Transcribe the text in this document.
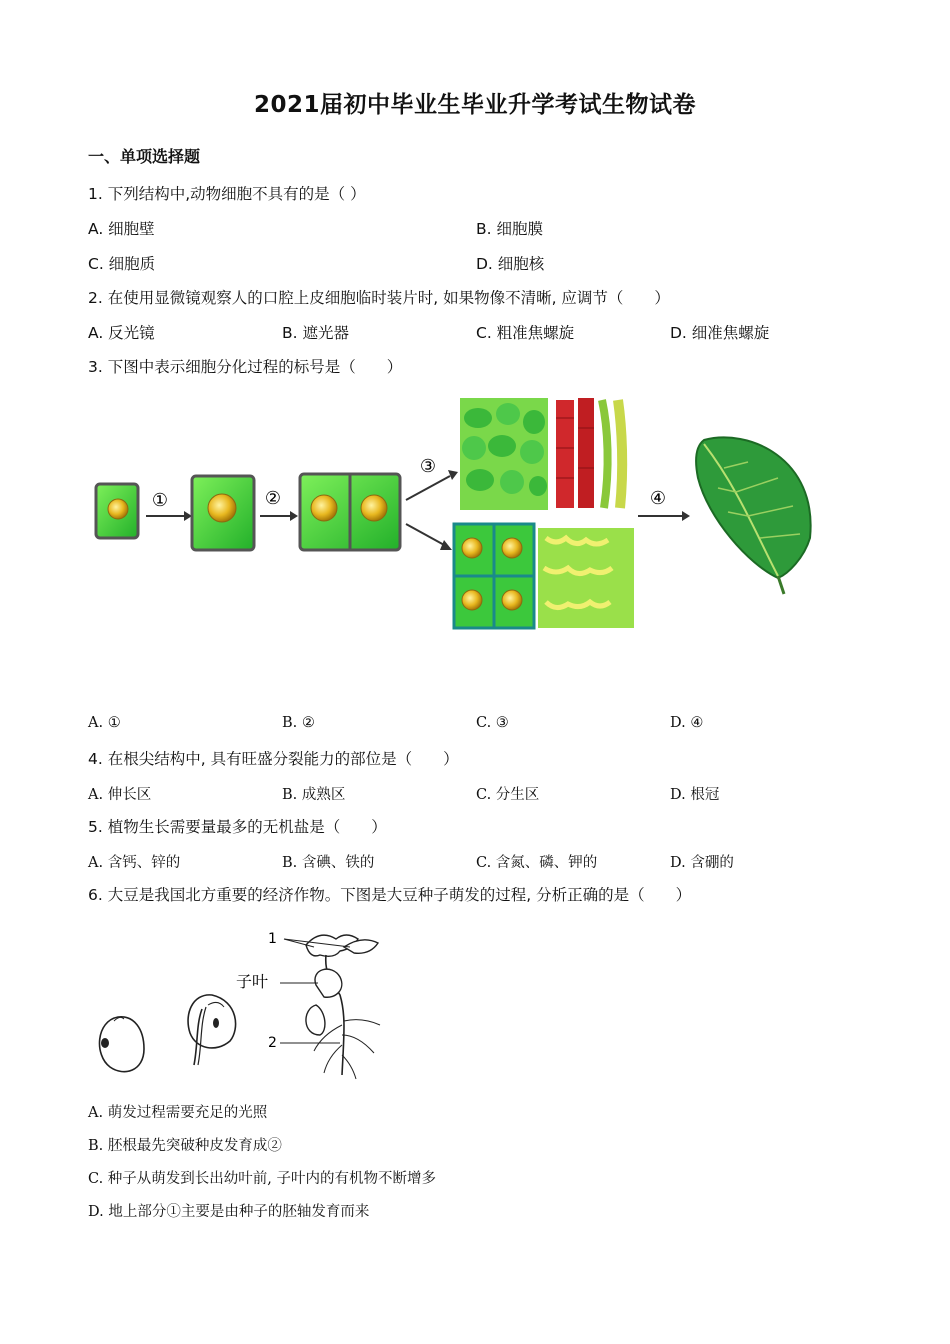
2021届初中毕业生毕业升学考试生物试卷
一、单项选择题
1. 下列结构中,动物细胞不具有的是（ ）
A. 细胞壁	B. 细胞膜
C. 细胞质	D. 细胞核
2. 在使用显微镜观察人的口腔上皮细胞临时装片时, 如果物像不清晰, 应调节（　　）
A. 反光镜	B. 遮光器	C. 粗准焦螺旋	D. 细准焦螺旋
3. 下图中表示细胞分化过程的标号是（　　）
①	②
③
④
A. ①	B. ②	C. ③	D. ④
4. 在根尖结构中, 具有旺盛分裂能力的部位是（　　）
A. 伸长区	B. 成熟区	C. 分生区	D. 根冠
5. 植物生长需要量最多的无机盐是（　　）
A. 含钙、锌的	B. 含碘、铁的	C. 含氮、磷、钾的	D. 含硼的
6. 大豆是我国北方重要的经济作物。下图是大豆种子萌发的过程, 分析正确的是（　　）
1
子叶
2
A. 萌发过程需要充足的光照
B. 胚根最先突破种皮发育成②
C. 种子从萌发到长出幼叶前, 子叶内的有机物不断增多
D. 地上部分①主要是由种子的胚轴发育而来
